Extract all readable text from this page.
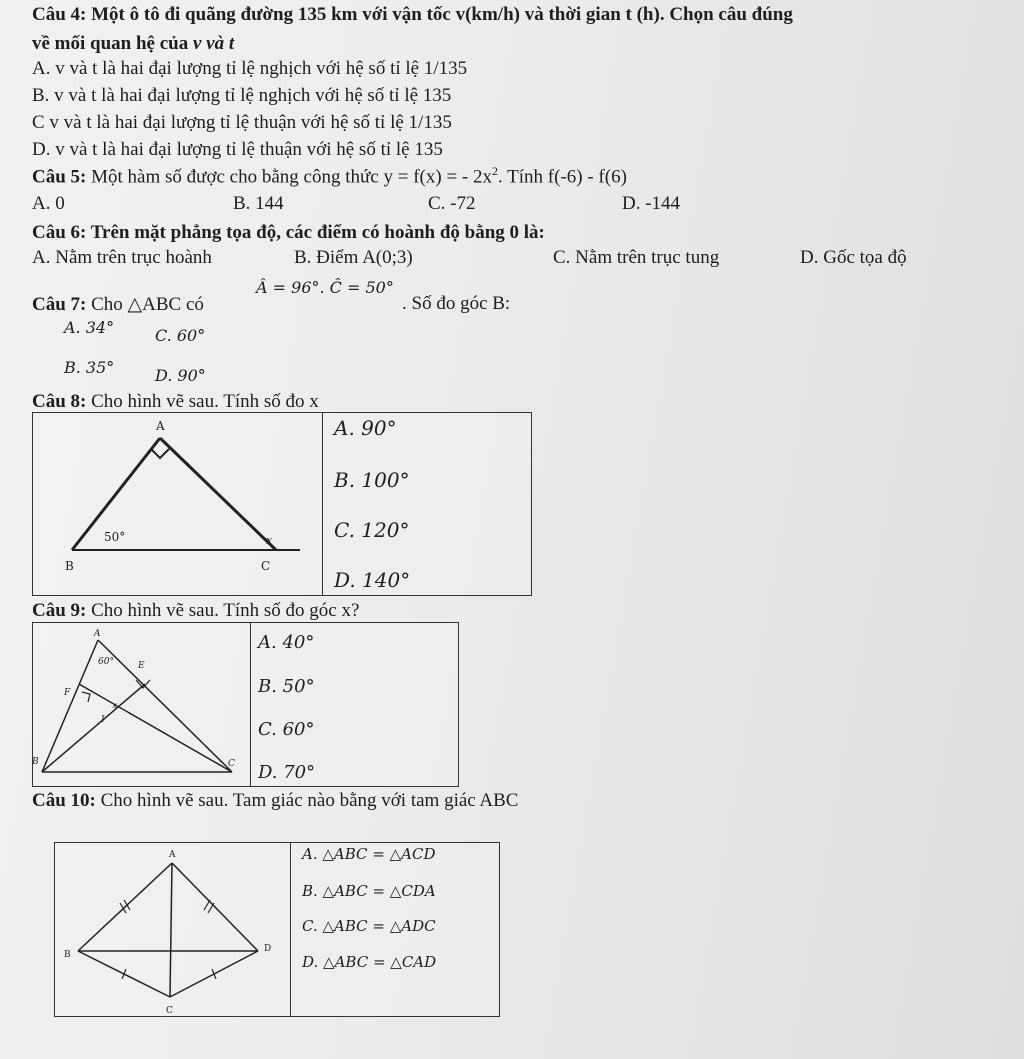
Câu 4: Một ô tô đi quãng đường 135 km với vận tốc v(km/h) và thời gian t (h). Chọn câu đúng
về mối quan hệ của v và t
A. v và t là hai đại lượng tỉ lệ nghịch với hệ số tỉ lệ 1/135
B. v và t là hai đại lượng tỉ lệ nghịch với hệ số tỉ lệ 135
C v và t là hai đại lượng tỉ lệ thuận với hệ số tỉ lệ 1/135
D. v và t là hai đại lượng tỉ lệ thuận với hệ số tỉ lệ 135
Câu 5: Một hàm số được cho bằng công thức y = f(x) = - $2x^2$. Tính f(-6) - f(6)
A. 0	B. 144	C. -72	D. -144
Câu 6: Trên mặt phẳng tọa độ, các điểm có hoành độ bằng 0 là:
A. Nằm trên trục hoành	B. Điểm A(0;3)	C. Nằm trên trục tung	D. Gốc tọa độ
Câu 7: Cho △ABC có
Â = 96°. Ĉ = 50°
. Số đo góc B:
A. 34°	C. 60°
B. 35°	D. 90°
Câu 8: Cho hình vẽ sau. Tính số đo x
A
B	C
50°	x
A. 90°
B. 100°
C. 120°
D. 140°
Câu 9: Cho hình vẽ sau. Tính số đo góc x?
A
B	C
E
F
I
60°
x
A. 40°
B. 50°
C. 60°
D. 70°
Câu 10: Cho hình vẽ sau. Tam giác nào bằng với tam giác ABC
A
B
C
D
A. △ABC = △ACD
B. △ABC = △CDA
C. △ABC = △ADC
D. △ABC = △CAD
